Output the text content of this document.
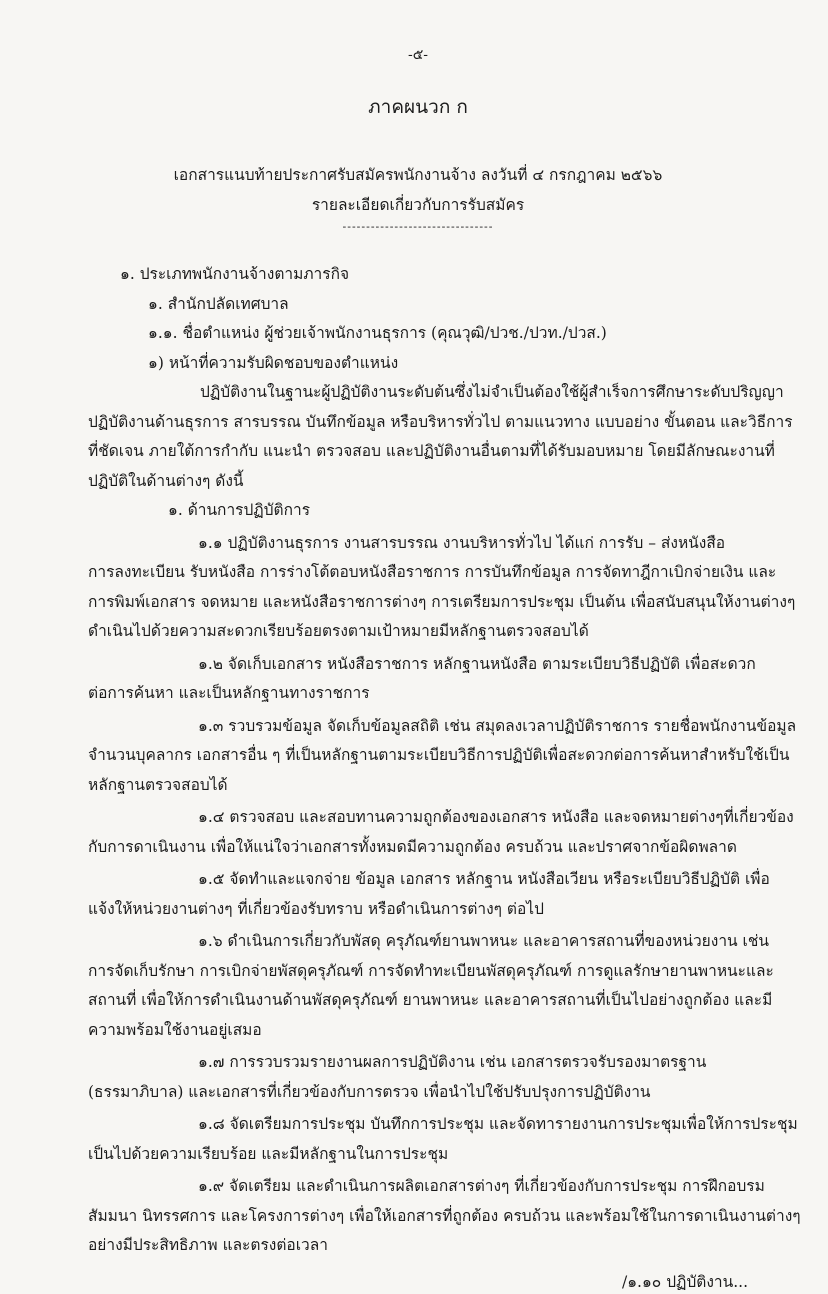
-๕-
ภาคผนวก ก
เอกสารแนบท้ายประกาศรับสมัครพนักงานจ้าง ลงวันที่ ๔ กรกฎาคม ๒๕๖๖
รายละเอียดเกี่ยวกับการรับสมัคร
--------------------------------
๑. ประเภทพนักงานจ้างตามภารกิจ
๑. สำนักปลัดเทศบาล
๑.๑. ชื่อตำแหน่ง ผู้ช่วยเจ้าพนักงานธุรการ (คุณวุฒิ/ปวช./ปวท./ปวส.)
๑) หน้าที่ความรับผิดชอบของตำแหน่ง
ปฏิบัติงานในฐานะผู้ปฏิบัติงานระดับต้นซึ่งไม่จำเป็นต้องใช้ผู้สำเร็จการศึกษาระดับปริญญา
ปฏิบัติงานด้านธุรการ สารบรรณ บันทึกข้อมูล หรือบริหารทั่วไป ตามแนวทาง แบบอย่าง ขั้นตอน และวิธีการ
ที่ชัดเจน ภายใต้การกำกับ แนะนำ ตรวจสอบ และปฏิบัติงานอื่นตามที่ได้รับมอบหมาย โดยมีลักษณะงานที่
ปฏิบัติในด้านต่างๆ ดังนี้
๑. ด้านการปฏิบัติการ
๑.๑ ปฏิบัติงานธุรการ งานสารบรรณ งานบริหารทั่วไป ได้แก่ การรับ – ส่งหนังสือ
การลงทะเบียน รับหนังสือ การร่างโต้ตอบหนังสือราชการ การบันทึกข้อมูล การจัดทาฎีกาเบิกจ่ายเงิน และ
การพิมพ์เอกสาร จดหมาย และหนังสือราชการต่างๆ การเตรียมการประชุม เป็นต้น เพื่อสนับสนุนให้งานต่างๆ
ดำเนินไปด้วยความสะดวกเรียบร้อยตรงตามเป้าหมายมีหลักฐานตรวจสอบได้
๑.๒ จัดเก็บเอกสาร หนังสือราชการ หลักฐานหนังสือ ตามระเบียบวิธีปฏิบัติ เพื่อสะดวก
ต่อการค้นหา และเป็นหลักฐานทางราชการ
๑.๓ รวบรวมข้อมูล จัดเก็บข้อมูลสถิติ เช่น สมุดลงเวลาปฏิบัติราชการ รายชื่อพนักงานข้อมูล
จำนวนบุคลากร เอกสารอื่น ๆ ที่เป็นหลักฐานตามระเบียบวิธีการปฏิบัติเพื่อสะดวกต่อการค้นหาสำหรับใช้เป็น
หลักฐานตรวจสอบได้
๑.๔ ตรวจสอบ และสอบทานความถูกต้องของเอกสาร หนังสือ และจดหมายต่างๆที่เกี่ยวข้อง
กับการดาเนินงาน เพื่อให้แน่ใจว่าเอกสารทั้งหมดมีความถูกต้อง ครบถ้วน และปราศจากข้อผิดพลาด
๑.๕ จัดทำและแจกจ่าย ข้อมูล เอกสาร หลักฐาน หนังสือเวียน หรือระเบียบวิธีปฏิบัติ เพื่อ
แจ้งให้หน่วยงานต่างๆ ที่เกี่ยวข้องรับทราบ หรือดำเนินการต่างๆ ต่อไป
๑.๖ ดำเนินการเกี่ยวกับพัสดุ ครุภัณฑ์ยานพาหนะ และอาคารสถานที่ของหน่วยงาน เช่น
การจัดเก็บรักษา การเบิกจ่ายพัสดุครุภัณฑ์ การจัดทำทะเบียนพัสดุครุภัณฑ์ การดูแลรักษายานพาหนะและ
สถานที่ เพื่อให้การดำเนินงานด้านพัสดุครุภัณฑ์ ยานพาหนะ และอาคารสถานที่เป็นไปอย่างถูกต้อง และมี
ความพร้อมใช้งานอยู่เสมอ
๑.๗ การรวบรวมรายงานผลการปฏิบัติงาน เช่น เอกสารตรวจรับรองมาตรฐาน
(ธรรมาภิบาล) และเอกสารที่เกี่ยวข้องกับการตรวจ เพื่อนำไปใช้ปรับปรุงการปฏิบัติงาน
๑.๘ จัดเตรียมการประชุม บันทึกการประชุม และจัดทารายงานการประชุมเพื่อให้การประชุม
เป็นไปด้วยความเรียบร้อย และมีหลักฐานในการประชุม
๑.๙ จัดเตรียม และดำเนินการผลิตเอกสารต่างๆ ที่เกี่ยวข้องกับการประชุม การฝึกอบรม
สัมมนา นิทรรศการ และโครงการต่างๆ เพื่อให้เอกสารที่ถูกต้อง ครบถ้วน และพร้อมใช้ในการดาเนินงานต่างๆ
อย่างมีประสิทธิภาพ และตรงต่อเวลา
/๑.๑๐ ปฏิบัติงาน...
